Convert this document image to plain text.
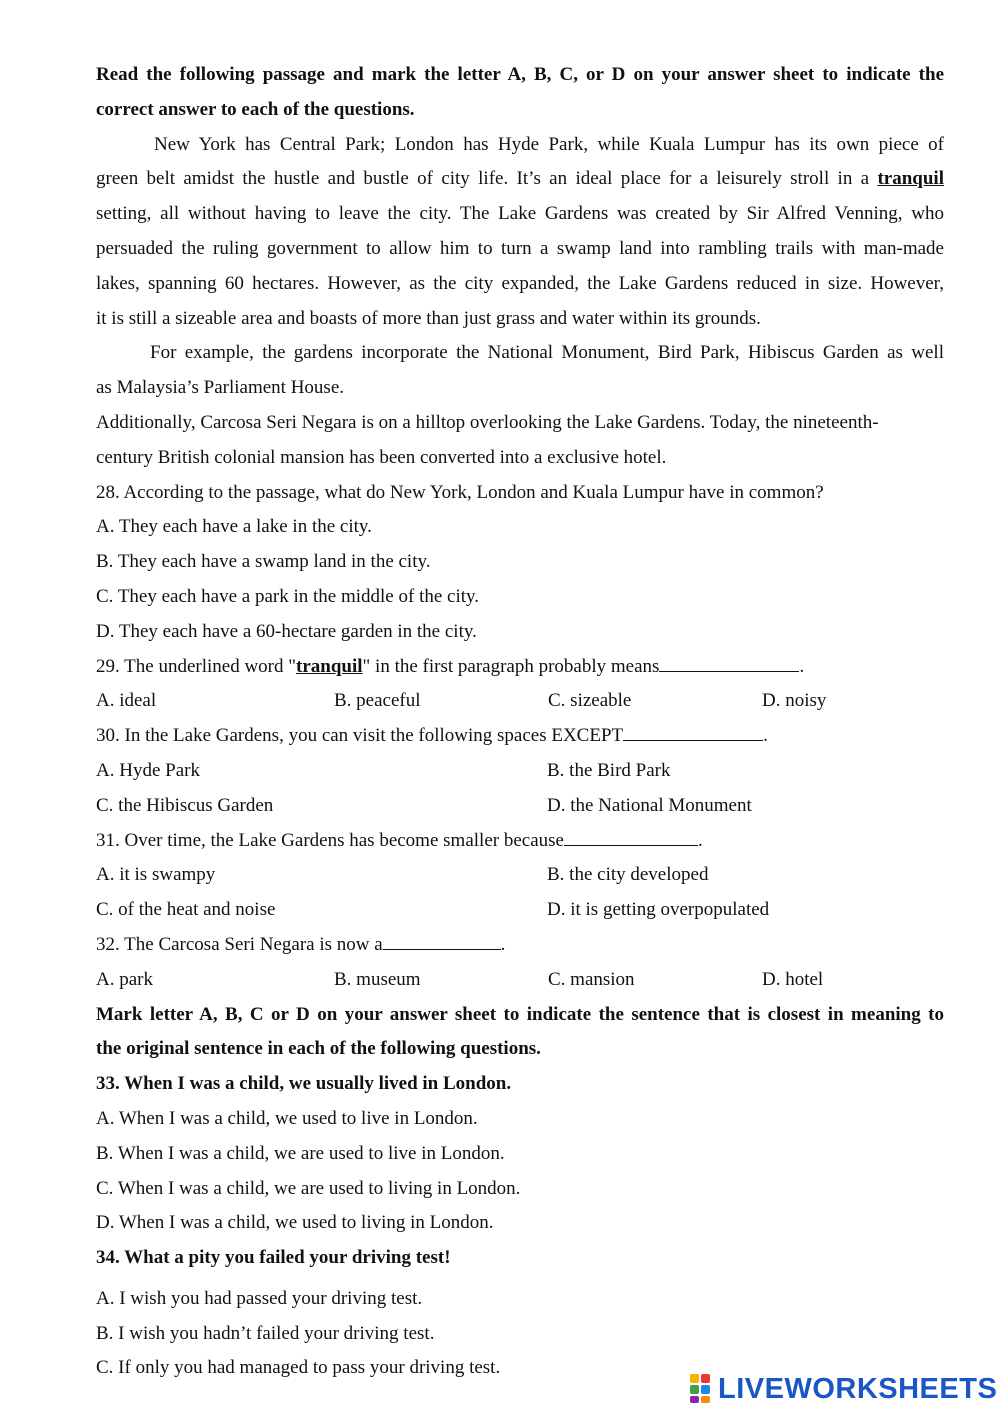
Read the following passage and mark the letter A, B, C, or D on your answer sheet to indicate the
correct answer to each of the questions.
New York has Central Park; London has Hyde Park, while Kuala Lumpur has its own piece of
green belt amidst the hustle and bustle of city life. It’s an ideal place for a leisurely stroll in a tranquil
setting, all without having to leave the city. The Lake Gardens was created by Sir Alfred Venning, who
persuaded the ruling government to allow him to turn a swamp land into rambling trails with man-made
lakes, spanning 60 hectares. However, as the city expanded, the Lake Gardens reduced in size. However,
it is still a sizeable area and boasts of more than just grass and water within its grounds.
For example, the gardens incorporate the National Monument, Bird Park, Hibiscus Garden as well
as Malaysia’s Parliament House.
Additionally, Carcosa Seri Negara is on a hilltop overlooking the Lake Gardens. Today, the nineteenth-
century British colonial mansion has been converted into a exclusive hotel.
28. According to the passage, what do New York, London and Kuala Lumpur have in common?
A. They each have a lake in the city.
B. They each have a swamp land in the city.
C. They each have a park in the middle of the city.
D. They each have a 60-hectare garden in the city.
29. The underlined word "tranquil" in the first paragraph probably means	.
A. ideal	B. peaceful	C. sizeable	D. noisy
30. In the Lake Gardens, you can visit the following spaces EXCEPT	.
A. Hyde Park	B. the Bird Park
C. the Hibiscus Garden	D. the National Monument
31. Over time, the Lake Gardens has become smaller because	.
A. it is swampy	B. the city developed
C. of the heat and noise	D. it is getting overpopulated
32. The Carcosa Seri Negara is now a	.
A. park	B. museum	C. mansion	D. hotel
Mark letter A, B, C or D on your answer sheet to indicate the sentence that is closest in meaning to
the original sentence in each of the following questions.
33. When I was a child, we usually lived in London.
A. When I was a child, we used to live in London.
B. When I was a child, we are used to live in London.
C. When I was a child, we are used to living in London.
D. When I was a child, we used to living in London.
34. What a pity you failed your driving test!
A. I wish you had passed your driving test.
B. I wish you hadn’t failed your driving test.
C. If only you had managed to pass your driving test.
LIVEWORKSHEETS
